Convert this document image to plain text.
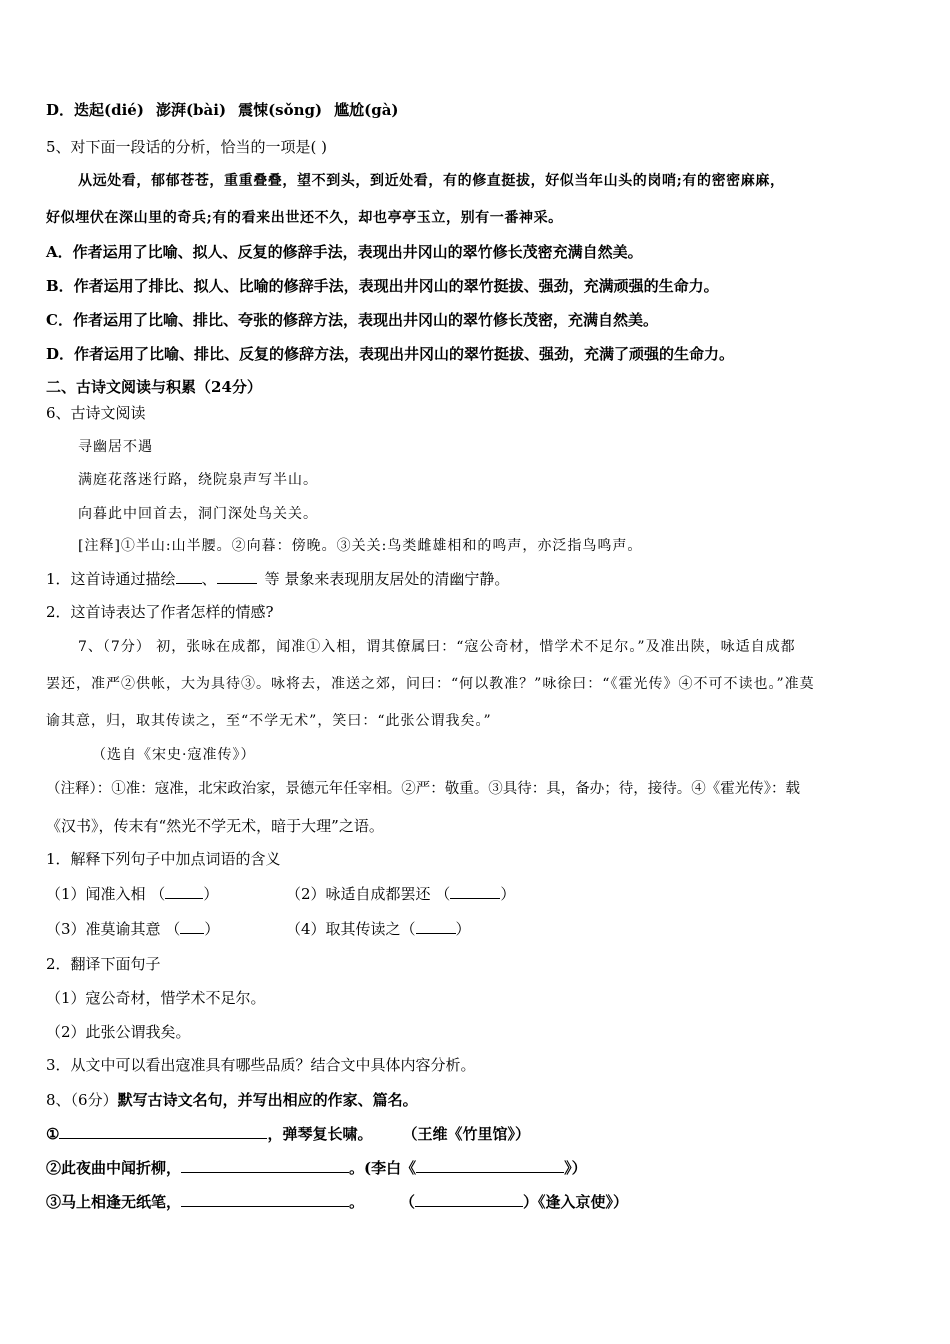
D．迭起(dié) 澎湃(bài) 震悚(sǒng) 尴尬(gà)
5、对下面一段话的分析，恰当的一项是( )
从远处看，郁郁苍苍，重重叠叠，望不到头，到近处看，有的修直挺拔，好似当年山头的岗哨;有的密密麻麻，
好似埋伏在深山里的奇兵;有的看来出世还不久，却也亭亭玉立，别有一番神采。
A．作者运用了比喻、拟人、反复的修辞手法，表现出井冈山的翠竹修长茂密充满自然美。
B．作者运用了排比、拟人、比喻的修辞手法，表现出井冈山的翠竹挺拔、强劲，充满顽强的生命力。
C．作者运用了比喻、排比、夸张的修辞方法，表现出井冈山的翠竹修长茂密，充满自然美。
D．作者运用了比喻、排比、反复的修辞方法，表现出井冈山的翠竹挺拔、强劲，充满了顽强的生命力。
二、古诗文阅读与积累（24分）
6、古诗文阅读
寻幽居不遇
满庭花落迷行路，绕院泉声写半山。
向暮此中回首去，洞门深处鸟关关。
[注释]①半山:山半腰。②向暮：傍晚。③关关:鸟类雌雄相和的鸣声，亦泛指鸟鸣声。
1．这首诗通过描绘 、	等 景象来表现朋友居处的清幽宁静。
2．这首诗表达了作者怎样的情感?
7、（7分） 初，张咏在成都，闻准①入相，谓其僚属曰：“寇公奇材，惜学术不足尔。”及准出陕，咏适自成都
罢还，准严②供帐，大为具待③。咏将去，准送之郊，问曰：“何以教准？”咏徐曰：“《霍光传》④不可不读也。”准莫
谕其意，归，取其传读之，至“不学无术”，笑曰：“此张公谓我矣。”
（选自《宋史·寇准传》）
（注释）：①准：寇准，北宋政治家，景德元年任宰相。②严：敬重。③具待：具，备办；待，接待。④《霍光传》：载
《汉书》，传末有“然光不学无术，暗于大理”之语。
1．解释下列句子中加点词语的含义
（1）闻准入相 （	）	（2）咏适自成都罢还 （	）
（3）准莫谕其意 （ ）	（4）取其传读之（	）
2．翻译下面句子
（1）寇公奇材，惜学术不足尔。
（2）此张公谓我矣。
3．从文中可以看出寇准具有哪些品质？结合文中具体内容分析。
8、（6分）默写古诗文名句，并写出相应的作家、篇名。
①	，弹琴复长啸。 （王维《竹里馆》）
②此夜曲中闻折柳，	。(李白《	》）
③马上相逢无纸笔，	。 （	）《逢入京使》）
